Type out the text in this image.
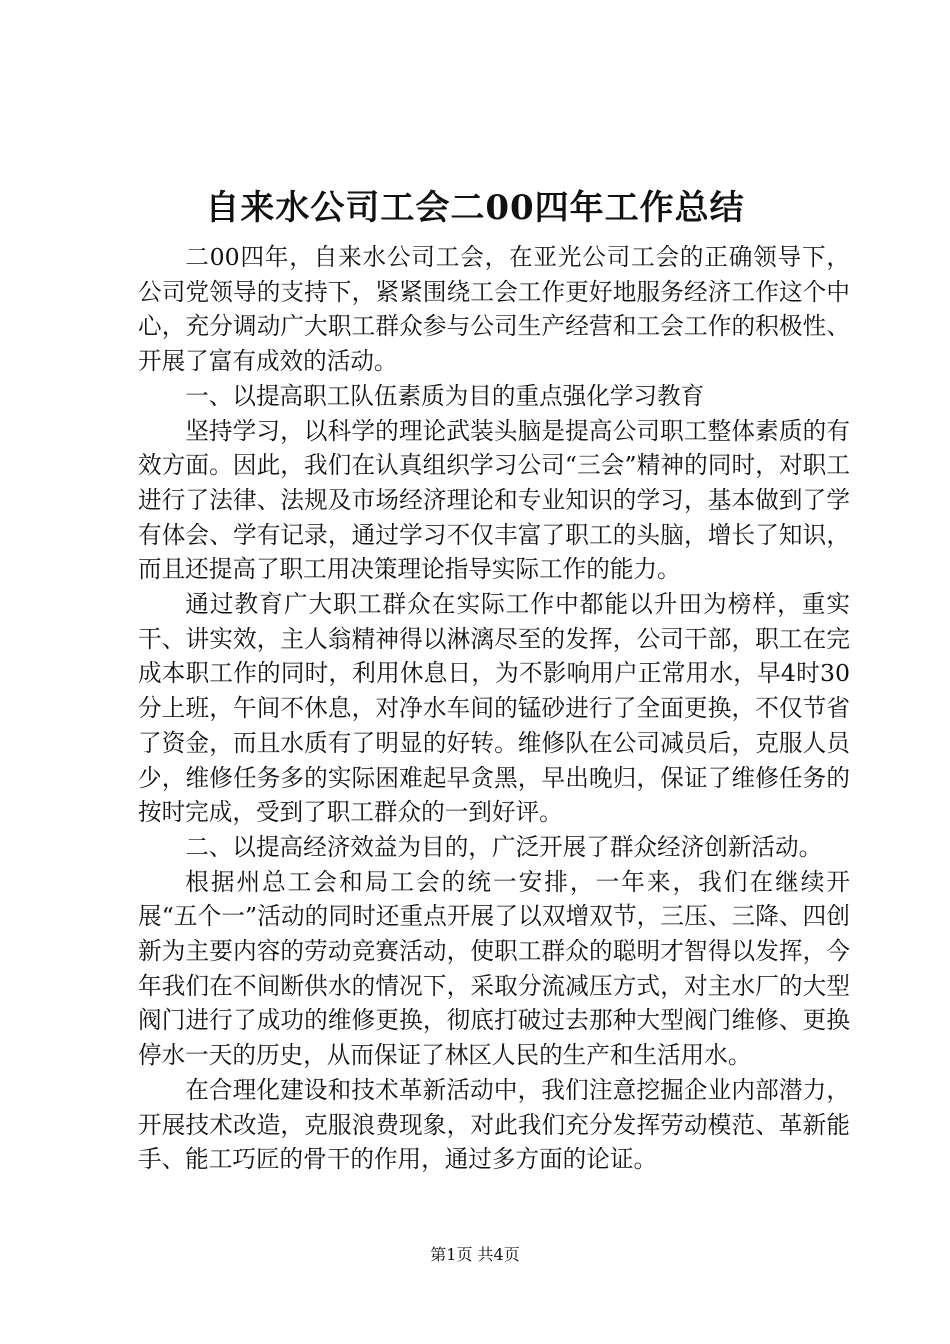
自来水公司工会二00四年工作总结

二00四年，自来水公司工会，在亚光公司工会的正确领导下，公司党领导的支持下，紧紧围绕工会工作更好地服务经济工作这个中心，充分调动广大职工群众参与公司生产经营和工会工作的积极性、开展了富有成效的活动。

一、以提高职工队伍素质为目的重点强化学习教育

坚持学习，以科学的理论武装头脑是提高公司职工整体素质的有效方面。因此，我们在认真组织学习公司“三会”精神的同时，对职工进行了法律、法规及市场经济理论和专业知识的学习，基本做到了学有体会、学有记录，通过学习不仅丰富了职工的头脑，增长了知识，而且还提高了职工用决策理论指导实际工作的能力。

通过教育广大职工群众在实际工作中都能以升田为榜样，重实干、讲实效，主人翁精神得以淋漓尽至的发挥，公司干部，职工在完成本职工作的同时，利用休息日，为不影响用户正常用水，早4时30分上班，午间不休息，对净水车间的锰砂进行了全面更换，不仅节省了资金，而且水质有了明显的好转。维修队在公司减员后，克服人员少，维修任务多的实际困难起早贪黑，早出晚归，保证了维修任务的按时完成，受到了职工群众的一到好评。

二、以提高经济效益为目的，广泛开展了群众经济创新活动。

根据州总工会和局工会的统一安排，一年来，我们在继续开展“五个一”活动的同时还重点开展了以双增双节，三压、三降、四创新为主要内容的劳动竞赛活动，使职工群众的聪明才智得以发挥，今年我们在不间断供水的情况下，采取分流减压方式，对主水厂的大型阀门进行了成功的维修更换，彻底打破过去那种大型阀门维修、更换停水一天的历史，从而保证了林区人民的生产和生活用水。

在合理化建设和技术革新活动中，我们注意挖掘企业内部潜力，开展技术改造，克服浪费现象，对此我们充分发挥劳动模范、革新能手、能工巧匠的骨干的作用，通过多方面的论证。

第1页 共4页
